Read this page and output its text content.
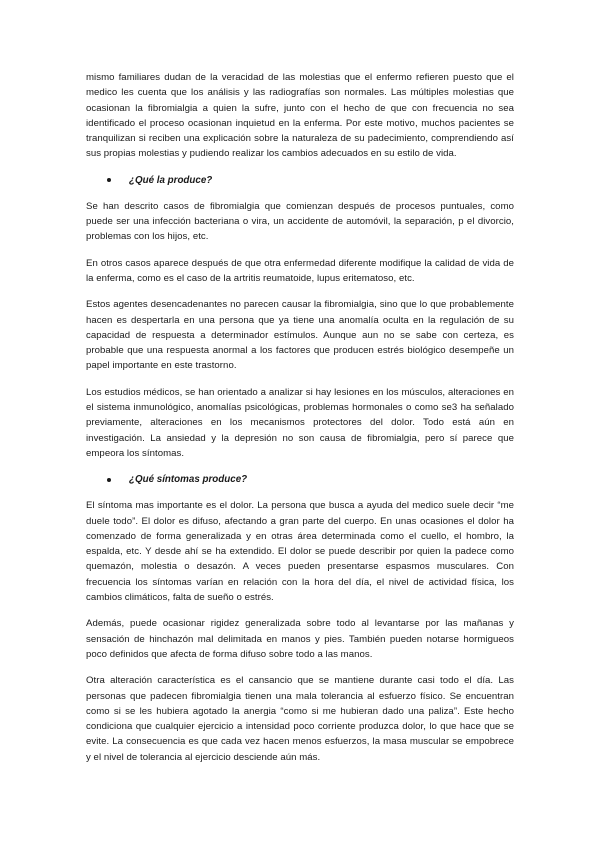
mismo familiares dudan de la veracidad de las molestias que el enfermo refieren puesto que el medico les cuenta que los análisis y las radiografías son normales. Las múltiples molestias que ocasionan la fibromialgia a quien la sufre, junto con el hecho de que con frecuencia no sea identificado el proceso ocasionan inquietud en la enferma. Por este motivo, muchos pacientes se tranquilizan si reciben una explicación sobre la naturaleza de su padecimiento, comprendiendo así sus propias molestias y pudiendo realizar los cambios adecuados en su estilo de vida.

¿Qué la produce?

Se han descrito casos de fibromialgia que comienzan después de procesos puntuales, como puede ser una infección bacteriana o vira, un accidente de automóvil, la separación, p el divorcio, problemas con los hijos, etc.

En otros casos aparece después de que otra enfermedad diferente modifique la calidad de vida de la enferma, como es el caso de la artritis reumatoide, lupus eritematoso, etc.

Estos agentes desencadenantes no parecen causar la fibromialgia, sino que lo que probablemente hacen es despertarla en una persona que ya tiene una anomalía oculta en la regulación de su capacidad de respuesta a determinador estímulos. Aunque aun no se sabe con certeza, es probable que una respuesta anormal a los factores que producen estrés biológico desempeñe un papel importante en este trastorno.

Los estudios médicos, se han orientado a analizar si hay lesiones en los músculos, alteraciones en el sistema inmunológico, anomalías psicológicas, problemas hormonales o como se3 ha señalado previamente, alteraciones en los mecanismos protectores del dolor. Todo está aún en investigación. La ansiedad y la depresión no son causa de fibromialgia, pero sí parece que empeora los síntomas.

¿Qué síntomas produce?

El síntoma mas importante es el dolor. La persona que busca a ayuda del medico suele decir “me duele todo”. El dolor es difuso, afectando a gran parte del cuerpo. En unas ocasiones el dolor ha comenzado de forma generalizada y en otras área determinada como el cuello, el hombro, la espalda, etc. Y desde ahí se ha extendido. El dolor se puede describir por quien la padece como quemazón, molestia o desazón. A veces pueden presentarse espasmos musculares. Con frecuencia los síntomas varían en relación con la hora del día, el nivel de actividad física, los cambios climáticos, falta de sueño o estrés.

Además, puede ocasionar rigidez generalizada sobre todo al levantarse por las mañanas y sensación de hinchazón mal delimitada en manos y pies. También pueden notarse hormigueos poco definidos que afecta de forma difuso sobre todo a las manos.

Otra alteración característica es el cansancio que se mantiene durante casi todo el día. Las personas que padecen fibromialgia tienen una mala tolerancia al esfuerzo físico. Se encuentran como si se les hubiera agotado la anergia “como si me hubieran dado una paliza”. Este hecho condiciona que cualquier ejercicio a intensidad poco corriente produzca dolor, lo que hace que se evite. La consecuencia es que cada vez hacen menos esfuerzos, la masa muscular se empobrece y el nivel de tolerancia al ejercicio desciende aún más.
